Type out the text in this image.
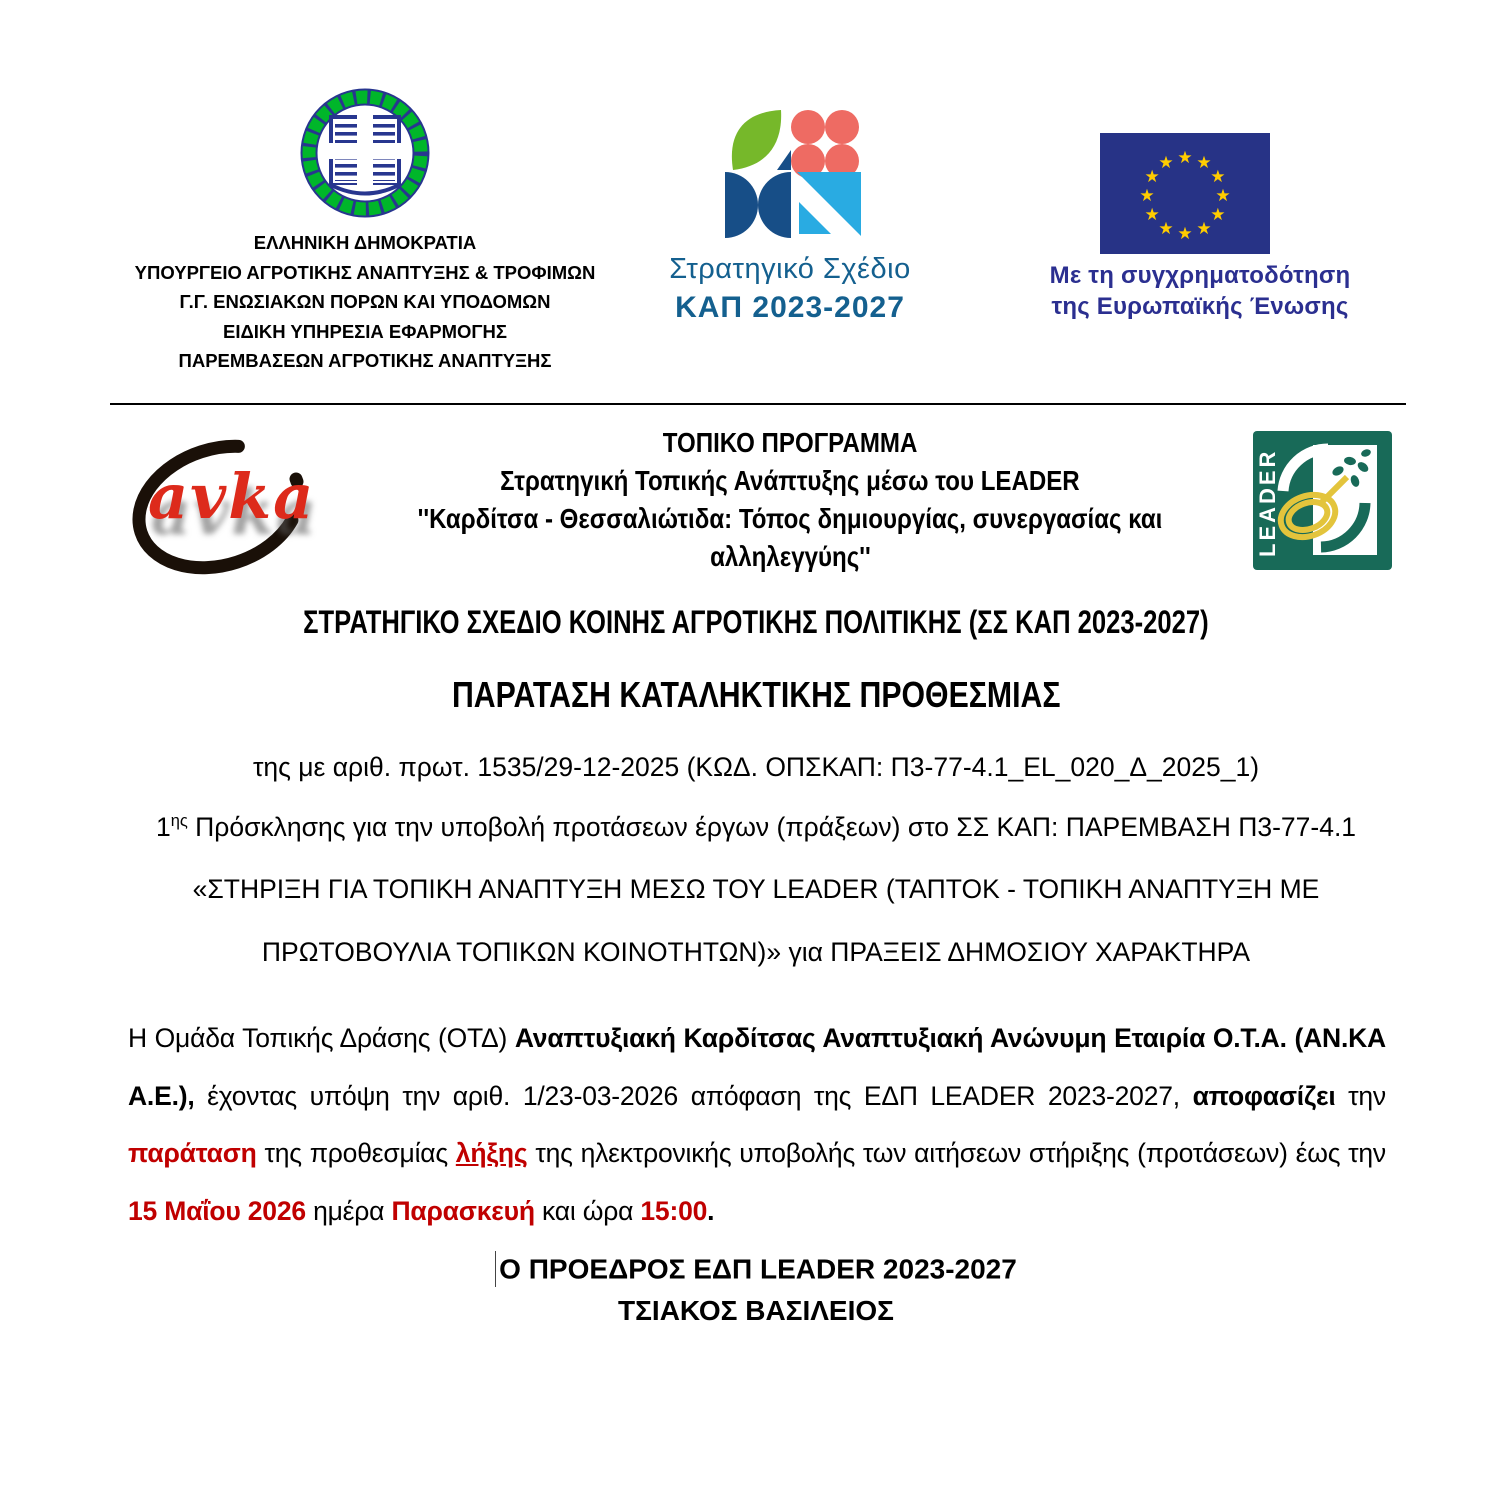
ΕΛΛΗΝΙΚΗ ΔΗΜΟΚΡΑΤΙΑ
ΥΠΟΥΡΓΕΙΟ ΑΓΡΟΤΙΚΗΣ ΑΝΑΠΤΥΞΗΣ & ΤΡΟΦΙΜΩΝ
Γ.Γ. ΕΝΩΣΙΑΚΩΝ ΠΟΡΩΝ ΚΑΙ ΥΠΟΔΟΜΩΝ
ΕΙΔΙΚΗ ΥΠΗΡΕΣΙΑ ΕΦΑΡΜΟΓΗΣ
ΠΑΡΕΜΒΑΣΕΩΝ ΑΓΡΟΤΙΚΗΣ ΑΝΑΠΤΥΞΗΣ
Στρατηγικό Σχέδιο
ΚΑΠ 2023-2027
★ ★
★
★
★
★
★
★
★
★
★
★
Με τη συγχρηματοδότηση
της Ευρωπαϊκής Ένωσης
avka
ΤΟΠΙΚΟ ΠΡΟΓΡΑΜΜΑ
Στρατηγική Τοπικής Ανάπτυξης μέσω του LEADER
''Καρδίτσα - Θεσσαλιώτιδα: Τόπος δημιουργίας, συνεργασίας και
αλληλεγγύης''	LEADER
ΣΤΡΑΤΗΓΙΚΟ ΣΧΕΔΙΟ ΚΟΙΝΗΣ ΑΓΡΟΤΙΚΗΣ ΠΟΛΙΤΙΚΗΣ (ΣΣ ΚΑΠ 2023-2027)
ΠΑΡΑΤΑΣΗ ΚΑΤΑΛΗΚΤΙΚΗΣ ΠΡΟΘΕΣΜΙΑΣ
της με αριθ. πρωτ. 1535/29-12-2025 (ΚΩΔ. ΟΠΣΚΑΠ: Π3-77-4.1_EL_020_Δ_2025_1)
$1^{\eta\varsigma}$ Πρόσκλησης για την υποβολή προτάσεων έργων (πράξεων) στο ΣΣ ΚΑΠ: ΠΑΡΕΜΒΑΣΗ Π3-77-4.1
«ΣΤΗΡΙΞΗ ΓΙΑ ΤΟΠΙΚΗ ΑΝΑΠΤΥΞΗ ΜΕΣΩ ΤΟΥ LEADER (ΤΑΠΤΟΚ - ΤΟΠΙΚΗ ΑΝΑΠΤΥΞΗ ΜΕ
ΠΡΩΤΟΒΟΥΛΙΑ ΤΟΠΙΚΩΝ ΚΟΙΝΟΤΗΤΩΝ)» για ΠΡΑΞΕΙΣ ΔΗΜΟΣΙΟΥ ΧΑΡΑΚΤΗΡΑ
Η Ομάδα Τοπικής Δράσης (ΟΤΔ) Αναπτυξιακή Καρδίτσας Αναπτυξιακή Ανώνυμη Εταιρία Ο.Τ.Α. (ΑΝ.ΚΑ Α.Ε.), έχοντας υπόψη την αριθ. 1/23-03-2026 απόφαση της ΕΔΠ LEADER 2023-2027, αποφασίζει την παράταση της προθεσμίας λήξης της ηλεκτρονικής υποβολής των αιτήσεων στήριξης (προτάσεων) έως την 15 Μαΐου 2026 ημέρα Παρασκευή και ώρα 15:00.
Ο ΠΡΟΕΔΡΟΣ ΕΔΠ LEADER 2023-2027
ΤΣΙΑΚΟΣ ΒΑΣΙΛΕΙΟΣ
